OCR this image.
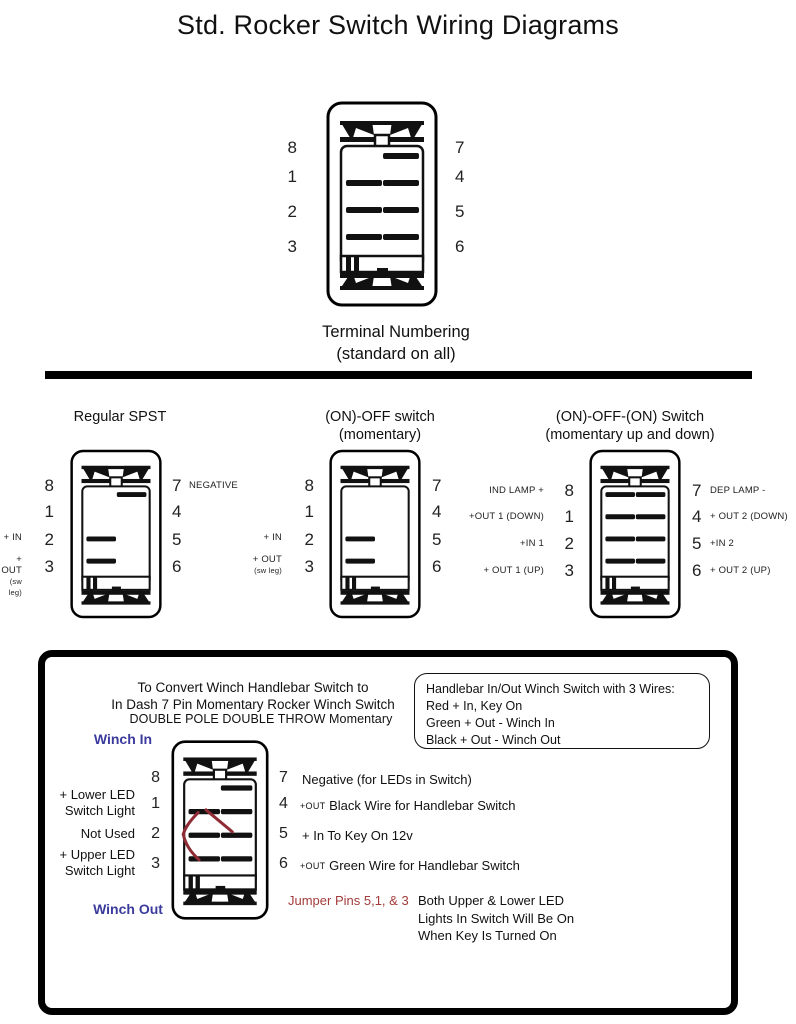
Std. Rocker Switch Wiring Diagrams
8
1
2
3
7
4
5
6
Terminal Numbering
(standard on all)
Regular SPST
8
1
2
3
+ IN
+ OUT
(sw leg)
7
4
5
6
NEGATIVE
(ON)-OFF switch
(momentary)
8
1
2
3
+ IN
+ OUT
(sw leg)
7
4
5
6
(ON)-OFF-(ON) Switch
(momentary up and down)
8
1
2
3
IND LAMP +
+OUT 1 (DOWN)
+IN 1
+ OUT 1 (UP)
7
4
5
6
DEP LAMP -
+ OUT 2 (DOWN)
+IN 2
+ OUT 2 (UP)
To Convert Winch Handlebar Switch to
In Dash 7 Pin Momentary Rocker Winch Switch
DOUBLE POLE DOUBLE THROW Momentary
Winch In
Winch Out
Handlebar In/Out Winch Switch with 3 Wires:
Red + In, Key On
Green + Out - Winch In
Black + Out - Winch Out
8
1
2
3
+ Lower LED
Switch Light
Not Used
+ Upper LED
Switch Light
7
4
5
6
Negative (for LEDs in Switch)
+OUT Black Wire for Handlebar Switch
+ In To Key On 12v
+OUT Green Wire for Handlebar Switch
Jumper Pins 5,1, & 3 Both Upper & Lower LED
Lights In Switch Will Be On
When Key Is Turned On
